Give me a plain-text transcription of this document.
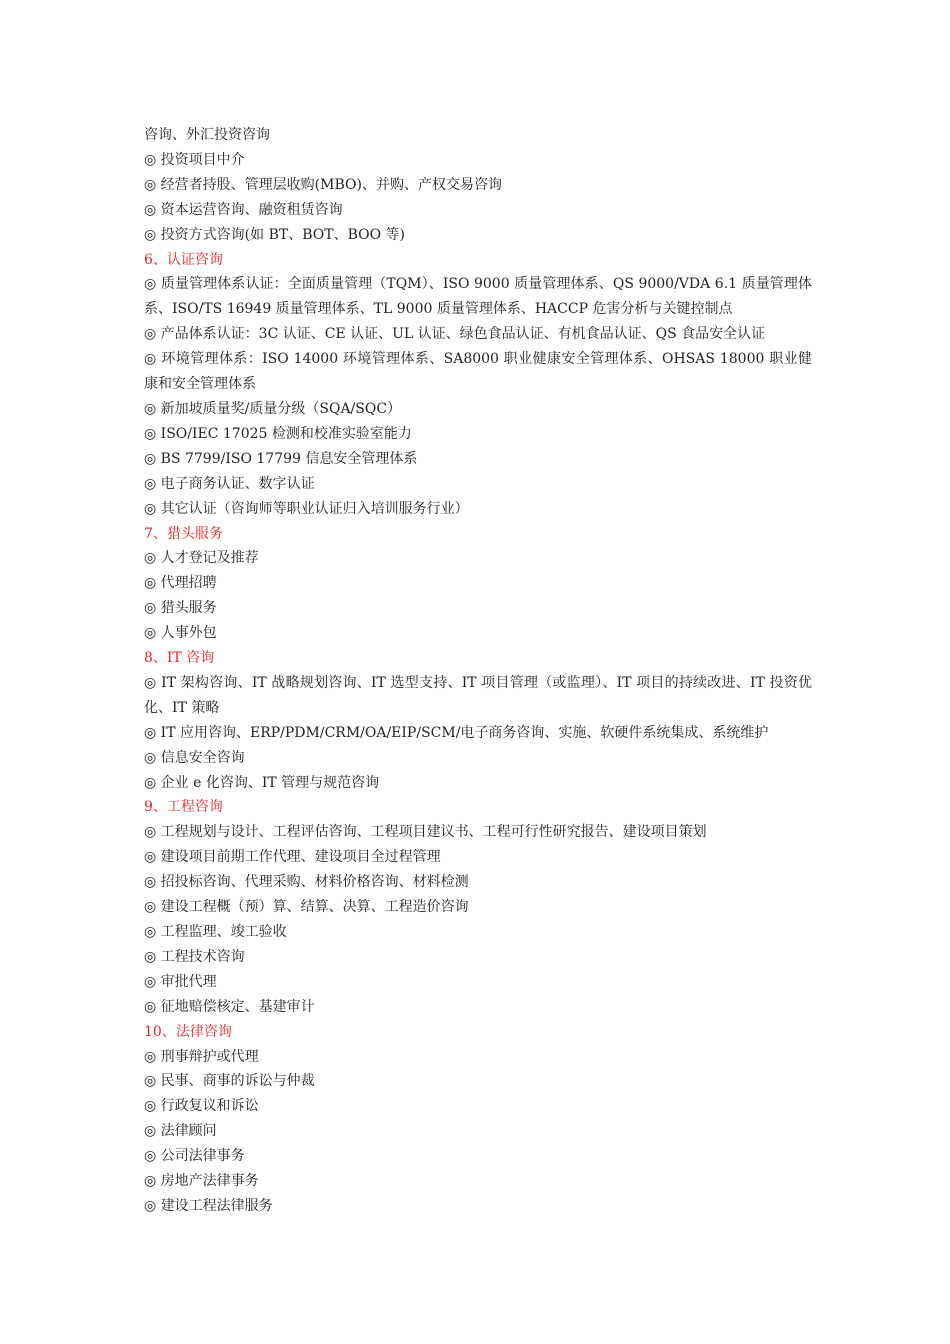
咨询、外汇投资咨询
◎ 投资项目中介
◎ 经营者持股、管理层收购(MBO)、并购、产权交易咨询
◎ 资本运营咨询、融资租赁咨询
◎ 投资方式咨询(如 BT、BOT、BOO 等)
6、认证咨询
◎ 质量管理体系认证：全面质量管理（TQM）、ISO 9000 质量管理体系、QS 9000/VDA 6.1 质量管理体系、ISO/TS 16949 质量管理体系、TL 9000 质量管理体系、HACCP 危害分析与关键控制点
◎ 产品体系认证：3C 认证、CE 认证、UL 认证、绿色食品认证、有机食品认证、QS 食品安全认证
◎ 环境管理体系：ISO 14000 环境管理体系、SA8000 职业健康安全管理体系、OHSAS 18000 职业健康和安全管理体系
◎ 新加坡质量奖/质量分级（SQA/SQC）
◎ ISO/IEC 17025 检测和校准实验室能力
◎ BS 7799/ISO 17799 信息安全管理体系
◎ 电子商务认证、数字认证
◎ 其它认证（咨询师等职业认证归入培训服务行业）
7、猎头服务
◎ 人才登记及推荐
◎ 代理招聘
◎ 猎头服务
◎ 人事外包
8、IT 咨询
◎ IT 架构咨询、IT 战略规划咨询、IT 选型支持、IT 项目管理（或监理）、IT 项目的持续改进、IT 投资优化、IT 策略
◎ IT 应用咨询、ERP/PDM/CRM/OA/EIP/SCM/电子商务咨询、实施、软硬件系统集成、系统维护
◎ 信息安全咨询
◎ 企业 e 化咨询、IT 管理与规范咨询
9、工程咨询
◎ 工程规划与设计、工程评估咨询、工程项目建议书、工程可行性研究报告、建设项目策划
◎ 建设项目前期工作代理、建设项目全过程管理
◎ 招投标咨询、代理采购、材料价格咨询、材料检测
◎ 建设工程概（预）算、结算、决算、工程造价咨询
◎ 工程监理、竣工验收
◎ 工程技术咨询
◎ 审批代理
◎ 征地赔偿核定、基建审计
10、法律咨询
◎ 刑事辩护或代理
◎ 民事、商事的诉讼与仲裁
◎ 行政复议和诉讼
◎ 法律顾问
◎ 公司法律事务
◎ 房地产法律事务
◎ 建设工程法律服务
